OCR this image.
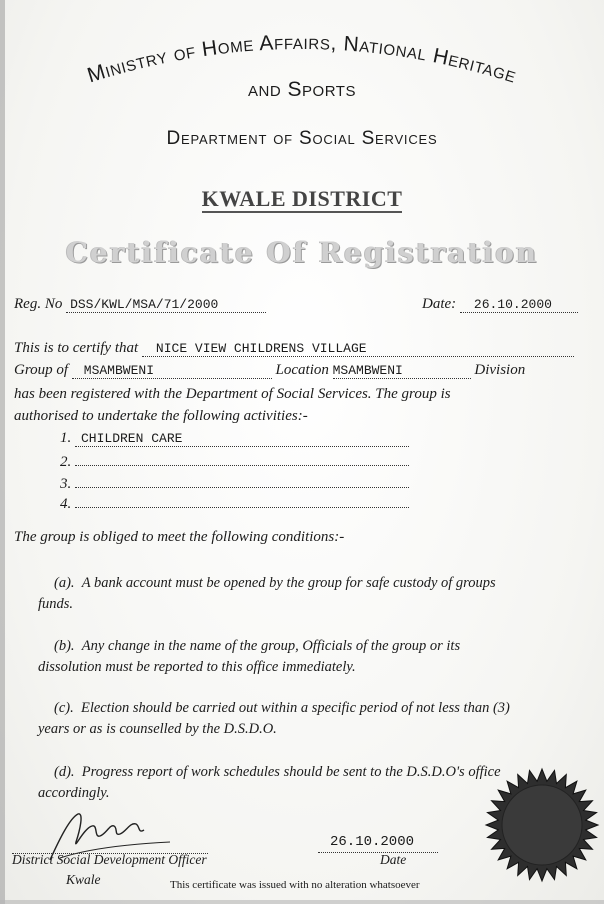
Ministry of Home Affairs, National Heritage
and Sports
Department of Social Services
KWALE DISTRICT
Certificate Of Registration
Reg. No DSS/KWL/MSA/71/2000	Date: 26.10.2000
This is to certify that NICE VIEW CHILDRENS VILLAGE
Group of MSAMBWENI	Location MSAMBWENI	Division
has been registered with the Department of Social Services. The group is
authorised to undertake the following activities:-
1. CHILDREN CARE
2.
3.
4.
The group is obliged to meet the following conditions:-
(a). A bank account must be opened by the group for safe custody of groups
funds.
(b). Any change in the name of the group, Officials of the group or its
dissolution must be reported to this office immediately.
(c). Election should be carried out within a specific period of not less than (3)
years or as is counselled by the D.S.D.O.
(d). Progress report of work schedules should be sent to the D.S.D.O's office
accordingly.
District Social Development Officer
Kwale
26.10.2000
Date
This certificate was issued with no alteration whatsoever
